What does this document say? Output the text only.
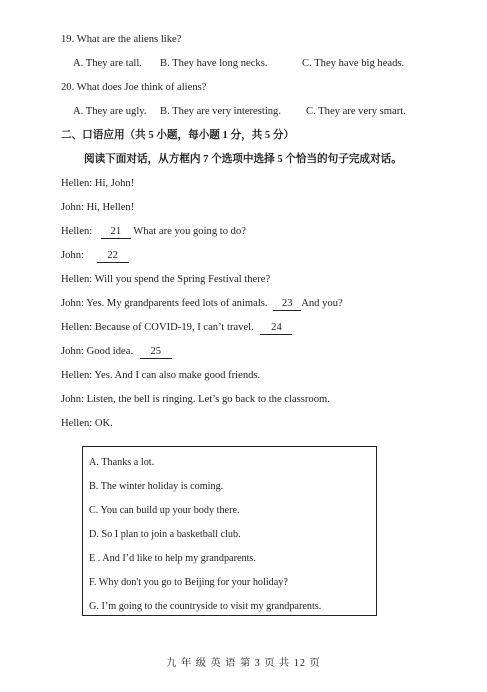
19. What are the aliens like?
A. They are tall. B. They have long necks.	C. They have big heads.
20. What does Joe think of aliens?
A. They are ugly. B. They are very interesting. C. They are very smart.
二、口语应用（共 5 小题，每小题 1 分，共 5 分）
阅读下面对话，从方框内 7 个选项中选择 5 个恰当的句子完成对话。
Hellen: Hi, John!
John: Hi, Hellen!
Hellen: 21 What are you going to do?
John: 22
Hellen: Will you spend the Spring Festival there?
John: Yes. My grandparents feed lots of animals. 23 And you?
Hellen: Because of COVID-19, I can’t travel. 24
John: Good idea. 25
Hellen: Yes. And I can also make good friends.
John: Listen, the bell is ringing. Let’s go back to the classroom.
Hellen: OK.
A. Thanks a lot.
B. The winter holiday is coming.
C. You can build up your body there.
D. So I plan to join a basketball club.
E . And I’d like to help my grandparents.
F. Why don't you go to Beijing for your holiday?
G. I’m going to the countryside to visit my grandparents.
九 年 级 英 语 第 3 页 共 12 页
